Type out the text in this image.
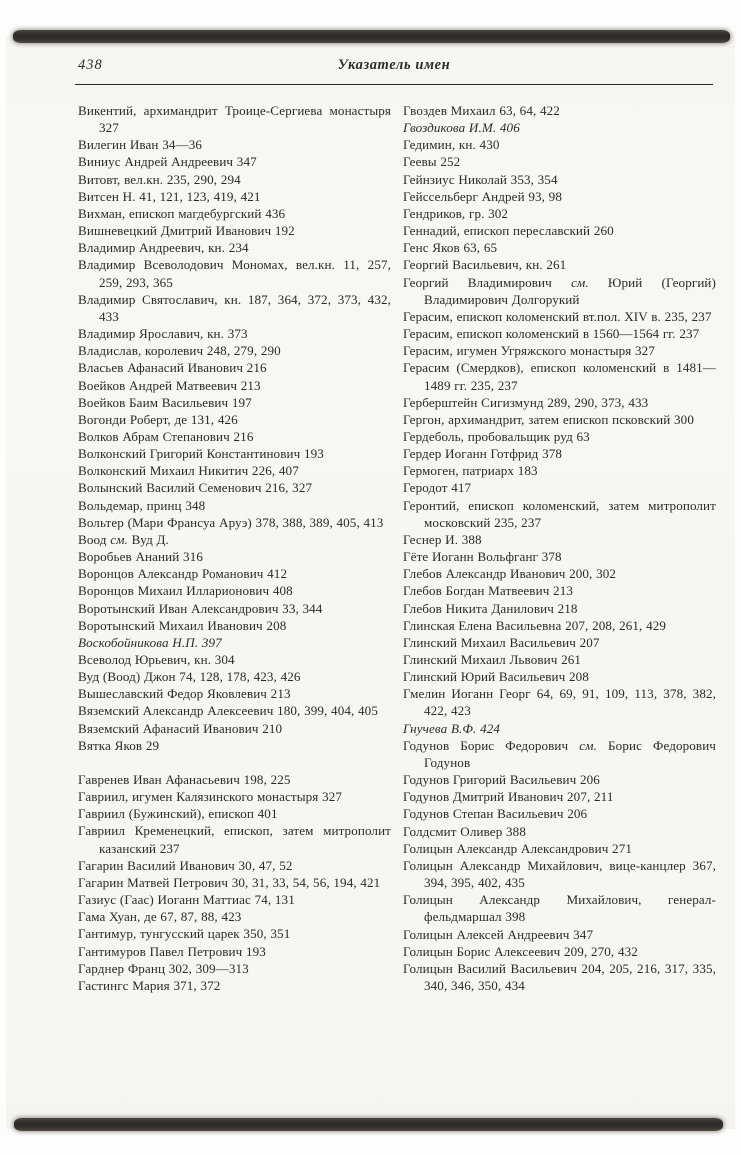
438	Указатель имен

Викентий, архимандрит Троице-Сергиева монастыря 327

Вилегин Иван 34—36

Виниус Андрей Андреевич 347

Витовт, вел.кн. 235, 290, 294

Витсен Н. 41, 121, 123, 419, 421

Вихман, епископ магдебургский 436

Вишневецкий Дмитрий Иванович 192

Владимир Андреевич, кн. 234

Владимир Всеволодович Мономах, вел.кн. 11, 257, 259, 293, 365

Владимир Святославич, кн. 187, 364, 372, 373, 432, 433

Владимир Ярославич, кн. 373

Владислав, королевич 248, 279, 290

Власьев Афанасий Иванович 216

Воейков Андрей Матвеевич 213

Воейков Баим Васильевич 197

Вогонди Роберт, де 131, 426

Волков Абрам Степанович 216

Волконский Григорий Константинович 193

Волконский Михаил Никитич 226, 407

Волынский Василий Семенович 216, 327

Вольдемар, принц 348

Вольтер (Мари Франсуа Аруэ) 378, 388, 389, 405, 413

Воод см. Вуд Д.

Воробьев Ананий 316

Воронцов Александр Романович 412

Воронцов Михаил Илларионович 408

Воротынский Иван Александрович 33, 344

Воротынский Михаил Иванович 208

Воскобойникова Н.П. 397

Всеволод Юрьевич, кн. 304

Вуд (Воод) Джон 74, 128, 178, 423, 426

Вышеславский Федор Яковлевич 213

Вяземский Александр Алексеевич 180, 399, 404, 405

Вяземский Афанасий Иванович 210

Вятка Яков 29

Гавренев Иван Афанасьевич 198, 225

Гавриил, игумен Калязинского монастыря 327

Гавриил (Бужинский), епископ 401

Гавриил Кременецкий, епископ, затем митрополит казанский 237

Гагарин Василий Иванович 30, 47, 52

Гагарин Матвей Петрович 30, 31, 33, 54, 56, 194, 421

Газиус (Гаас) Иоганн Маттиас 74, 131

Гама Хуан, де 67, 87, 88, 423

Гантимур, тунгусский царек 350, 351

Гантимуров Павел Петрович 193

Гарднер Франц 302, 309—313

Гастингс Мария 371, 372

Гвоздев Михаил 63, 64, 422

Гвоздикова И.М. 406

Гедимин, кн. 430

Геевы 252

Гейнзиус Николай 353, 354

Гейссельберг Андрей 93, 98

Гендриков, гр. 302

Геннадий, епископ переславский 260

Генс Яков 63, 65

Георгий Васильевич, кн. 261

Георгий Владимирович см. Юрий (Георгий) Владимирович Долгорукий

Герасим, епископ коломенский вт.пол. XIV в. 235, 237

Герасим, епископ коломенский в 1560—1564 гг. 237

Герасим, игумен Угряжского монастыря 327

Герасим (Смердков), епископ коломенский в 1481—1489 гг. 235, 237

Герберштейн Сигизмунд 289, 290, 373, 433

Гергон, архимандрит, затем епископ псковский 300

Гердеболь, пробовальщик руд 63

Гердер Иоганн Готфрид 378

Гермоген, патриарх 183

Геродот 417

Геронтий, епископ коломенский, затем митрополит московский 235, 237

Геснер И. 388

Гёте Иоганн Вольфганг 378

Глебов Александр Иванович 200, 302

Глебов Богдан Матвеевич 213

Глебов Никита Данилович 218

Глинская Елена Васильевна 207, 208, 261, 429

Глинский Михаил Васильевич 207

Глинский Михаил Львович 261

Глинский Юрий Васильевич 208

Гмелин Иоганн Георг 64, 69, 91, 109, 113, 378, 382, 422, 423

Гнучева В.Ф. 424

Годунов Борис Федорович см. Борис Федорович Годунов

Годунов Григорий Васильевич 206

Годунов Дмитрий Иванович 207, 211

Годунов Степан Васильевич 206

Голдсмит Оливер 388

Голицын Александр Александрович 271

Голицын Александр Михайлович, вице-канцлер 367, 394, 395, 402, 435

Голицын Александр Михайлович, генерал-фельдмаршал 398

Голицын Алексей Андреевич 347

Голицын Борис Алексеевич 209, 270, 432

Голицын Василий Васильевич 204, 205, 216, 317, 335, 340, 346, 350, 434
